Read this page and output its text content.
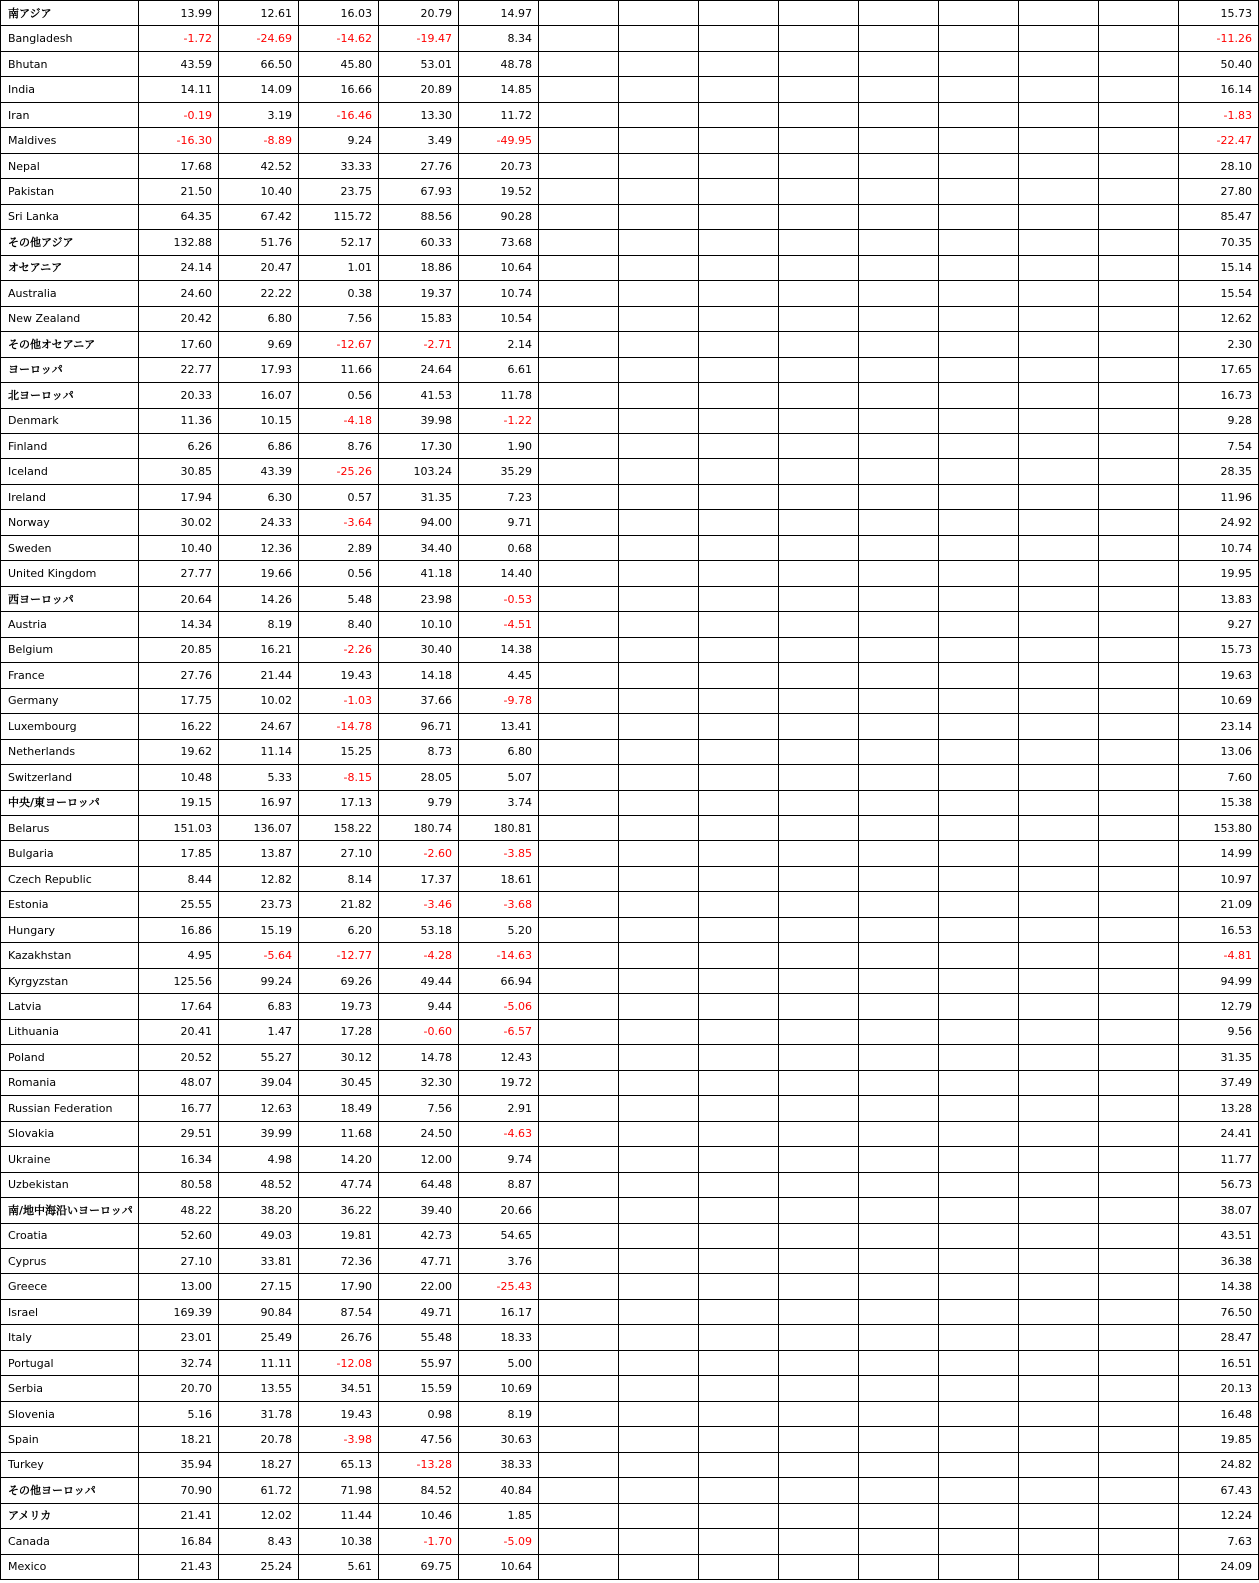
南アジア	13.99	12.61	16.03	20.79	14.97									15.73
Bangladesh	-1.72	-24.69	-14.62	-19.47	8.34									-11.26
Bhutan	43.59	66.50	45.80	53.01	48.78									50.40
India	14.11	14.09	16.66	20.89	14.85									16.14
Iran	-0.19	3.19	-16.46	13.30	11.72									-1.83
Maldives	-16.30	-8.89	9.24	3.49	-49.95									-22.47
Nepal	17.68	42.52	33.33	27.76	20.73									28.10
Pakistan	21.50	10.40	23.75	67.93	19.52									27.80
Sri Lanka	64.35	67.42	115.72	88.56	90.28									85.47
その他アジア	132.88	51.76	52.17	60.33	73.68									70.35
オセアニア	24.14	20.47	1.01	18.86	10.64									15.14
Australia	24.60	22.22	0.38	19.37	10.74									15.54
New Zealand	20.42	6.80	7.56	15.83	10.54									12.62
その他オセアニア	17.60	9.69	-12.67	-2.71	2.14									2.30
ヨーロッパ	22.77	17.93	11.66	24.64	6.61									17.65
北ヨーロッパ	20.33	16.07	0.56	41.53	11.78									16.73
Denmark	11.36	10.15	-4.18	39.98	-1.22									9.28
Finland	6.26	6.86	8.76	17.30	1.90									7.54
Iceland	30.85	43.39	-25.26	103.24	35.29									28.35
Ireland	17.94	6.30	0.57	31.35	7.23									11.96
Norway	30.02	24.33	-3.64	94.00	9.71									24.92
Sweden	10.40	12.36	2.89	34.40	0.68									10.74
United Kingdom	27.77	19.66	0.56	41.18	14.40									19.95
西ヨーロッパ	20.64	14.26	5.48	23.98	-0.53									13.83
Austria	14.34	8.19	8.40	10.10	-4.51									9.27
Belgium	20.85	16.21	-2.26	30.40	14.38									15.73
France	27.76	21.44	19.43	14.18	4.45									19.63
Germany	17.75	10.02	-1.03	37.66	-9.78									10.69
Luxembourg	16.22	24.67	-14.78	96.71	13.41									23.14
Netherlands	19.62	11.14	15.25	8.73	6.80									13.06
Switzerland	10.48	5.33	-8.15	28.05	5.07									7.60
中央/東ヨーロッパ	19.15	16.97	17.13	9.79	3.74									15.38
Belarus	151.03	136.07	158.22	180.74	180.81									153.80
Bulgaria	17.85	13.87	27.10	-2.60	-3.85									14.99
Czech Republic	8.44	12.82	8.14	17.37	18.61									10.97
Estonia	25.55	23.73	21.82	-3.46	-3.68									21.09
Hungary	16.86	15.19	6.20	53.18	5.20									16.53
Kazakhstan	4.95	-5.64	-12.77	-4.28	-14.63									-4.81
Kyrgyzstan	125.56	99.24	69.26	49.44	66.94									94.99
Latvia	17.64	6.83	19.73	9.44	-5.06									12.79
Lithuania	20.41	1.47	17.28	-0.60	-6.57									9.56
Poland	20.52	55.27	30.12	14.78	12.43									31.35
Romania	48.07	39.04	30.45	32.30	19.72									37.49
Russian Federation	16.77	12.63	18.49	7.56	2.91									13.28
Slovakia	29.51	39.99	11.68	24.50	-4.63									24.41
Ukraine	16.34	4.98	14.20	12.00	9.74									11.77
Uzbekistan	80.58	48.52	47.74	64.48	8.87									56.73
南/地中海沿いヨーロッパ	48.22	38.20	36.22	39.40	20.66									38.07
Croatia	52.60	49.03	19.81	42.73	54.65									43.51
Cyprus	27.10	33.81	72.36	47.71	3.76									36.38
Greece	13.00	27.15	17.90	22.00	-25.43									14.38
Israel	169.39	90.84	87.54	49.71	16.17									76.50
Italy	23.01	25.49	26.76	55.48	18.33									28.47
Portugal	32.74	11.11	-12.08	55.97	5.00									16.51
Serbia	20.70	13.55	34.51	15.59	10.69									20.13
Slovenia	5.16	31.78	19.43	0.98	8.19									16.48
Spain	18.21	20.78	-3.98	47.56	30.63									19.85
Turkey	35.94	18.27	65.13	-13.28	38.33									24.82
その他ヨーロッパ	70.90	61.72	71.98	84.52	40.84									67.43
アメリカ	21.41	12.02	11.44	10.46	1.85									12.24
Canada	16.84	8.43	10.38	-1.70	-5.09									7.63
Mexico	21.43	25.24	5.61	69.75	10.64									24.09
